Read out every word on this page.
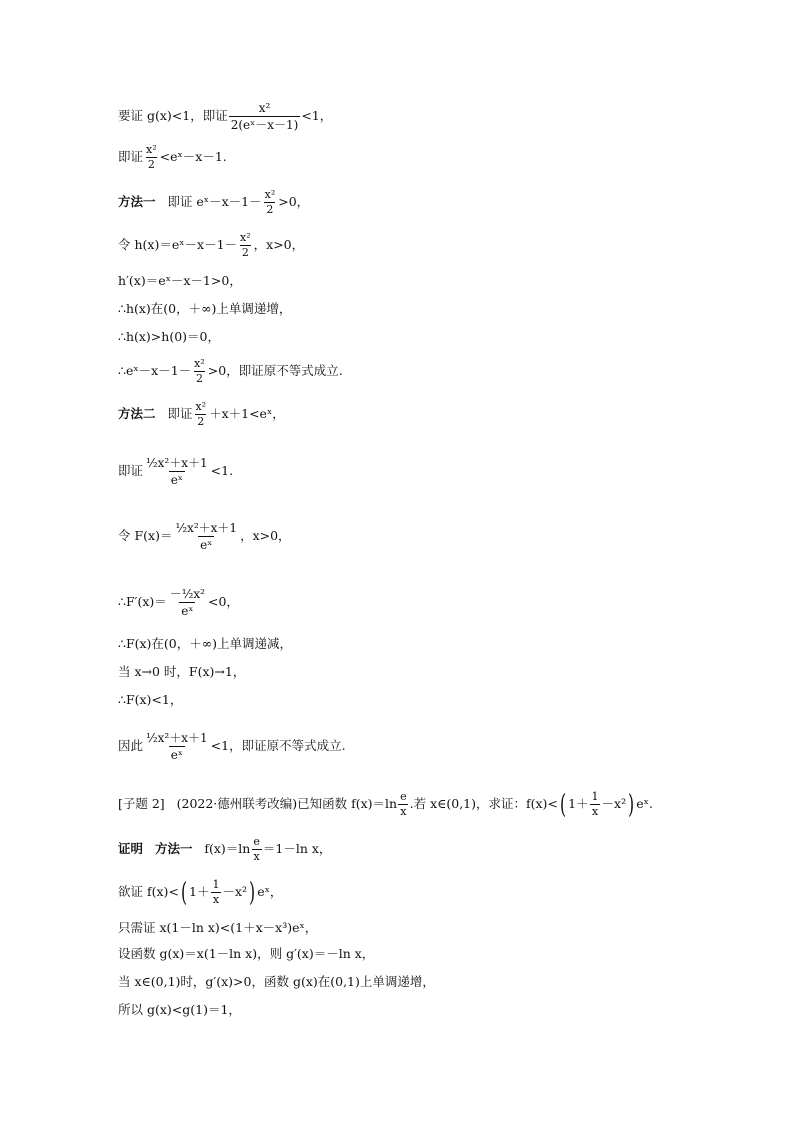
要证 g(x)<1，即证 $\frac{\text{x²}}{\text{2(eˣ－x－1)}} <1$，
即证 $\frac{\text{x²}}{2}$ <eˣ－x－1.
方法一 即证 eˣ－x－1－ $\frac{\text{x²}}{2} >0$，
令 h(x)＝eˣ－x－1－ $\frac{\text{x²}}{2}$ ，x>0，
h′(x)＝eˣ－x－1>0，
∴h(x)在(0，＋∞)上单调递增，
∴h(x)>h(0)＝0，
∴eˣ－x－1－ $\frac{\text{x²}}{2} >0$，即证原不等式成立.
方法二 即证 $\frac{\text{x²}}{2}$ ＋x＋1<eˣ，
即证 $\frac{\text{½x²＋x＋1}}{\text{eˣ}} <1$.
令 $F(x)= \frac{\text{½x²＋x＋1}}{\text{eˣ}}$ ，x>0，
∴F′(x)＝ $\frac{\text{－½x²}}{\text{eˣ}} <0$，
∴F(x)在(0，＋∞)上单调递减，
当 x→0 时，F(x)→1，
∴F(x)<1，
因此 $\frac{\text{½x²＋x＋1}}{\text{eˣ}} <1$，即证原不等式成立.
[子题 2] (2022·德州联考改编)已知函数 $f(x)=\ln \frac{e}{x}$ .若 x∈(0,1)，求证：f(x)<( $1+ \frac{1}{x} -x^2$) eˣ.
证明 方法一 $f(x)=\ln \frac{e}{x} =1-\ln$ x，
欲证 f(x)<( $1+ \frac{1}{x} -x^2$) eˣ，
只需证 x(1－ln x)<(1＋x－x³)eˣ，
设函数 g(x)＝x(1－ln x)，则 g′(x)＝－ln x，
当 x∈(0,1)时，g′(x)>0，函数 g(x)在(0,1)上单调递增，
所以 g(x)<g(1)＝1，
